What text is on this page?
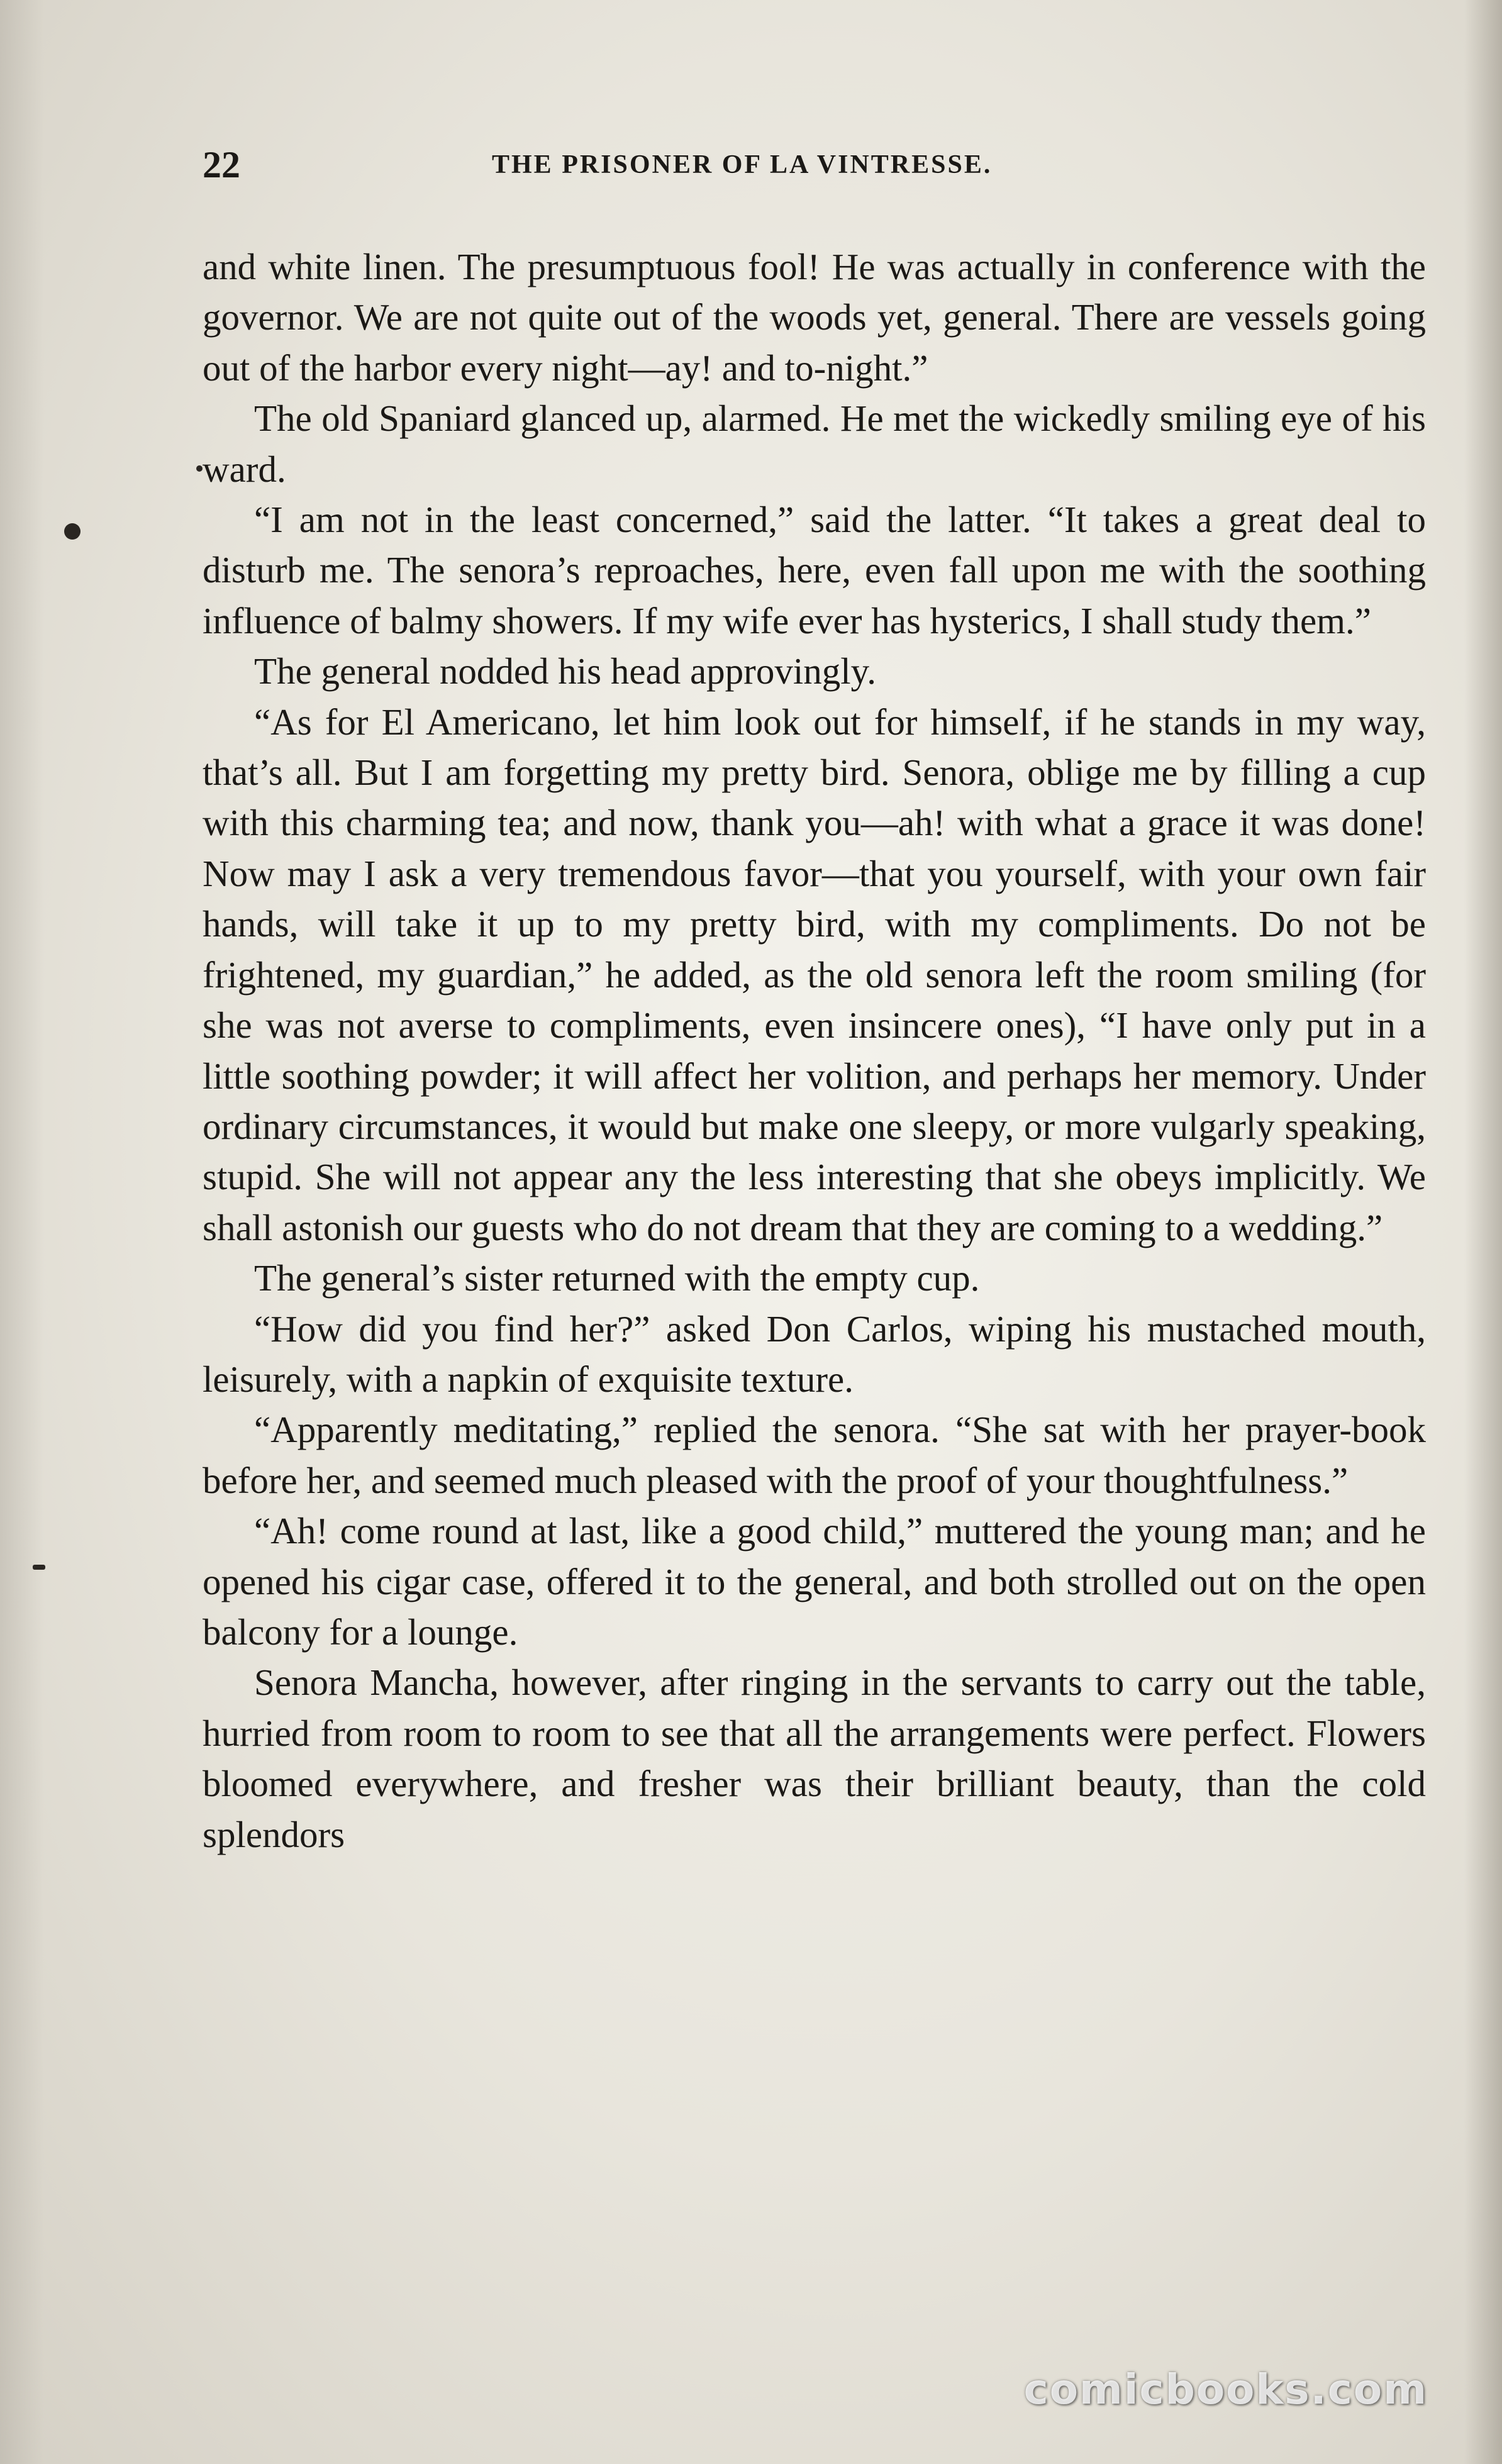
22	THE PRISONER OF LA VINTRESSE.

and white linen. The presumptuous fool! He was actually in conference with the governor. We are not quite out of the woods yet, general. There are vessels going out of the harbor every night—ay! and to-night.”

The old Spaniard glanced up, alarmed. He met the wickedly smiling eye of his ward.

“I am not in the least concerned,” said the latter. “It takes a great deal to disturb me. The senora’s reproaches, here, even fall upon me with the soothing influence of balmy showers. If my wife ever has hysterics, I shall study them.”

The general nodded his head approvingly.

“As for El Americano, let him look out for himself, if he stands in my way, that’s all. But I am forgetting my pretty bird. Senora, oblige me by filling a cup with this charming tea; and now, thank you—ah! with what a grace it was done! Now may I ask a very tremendous favor—that you yourself, with your own fair hands, will take it up to my pretty bird, with my compliments. Do not be frightened, my guardian,” he added, as the old senora left the room smiling (for she was not averse to compliments, even insincere ones), “I have only put in a little soothing powder; it will affect her volition, and perhaps her memory. Under ordinary circumstances, it would but make one sleepy, or more vulgarly speaking, stupid. She will not appear any the less interesting that she obeys implicitly. We shall astonish our guests who do not dream that they are coming to a wedding.”

The general’s sister returned with the empty cup.

“How did you find her?” asked Don Carlos, wiping his mustached mouth, leisurely, with a napkin of exquisite texture.

“Apparently meditating,” replied the senora. “She sat with her prayer-book before her, and seemed much pleased with the proof of your thoughtfulness.”

“Ah! come round at last, like a good child,” muttered the young man; and he opened his cigar case, offered it to the general, and both strolled out on the open balcony for a lounge.

Senora Mancha, however, after ringing in the servants to carry out the table, hurried from room to room to see that all the arrangements were perfect. Flowers bloomed everywhere, and fresher was their brilliant beauty, than the cold splendors

comicbooks.com
